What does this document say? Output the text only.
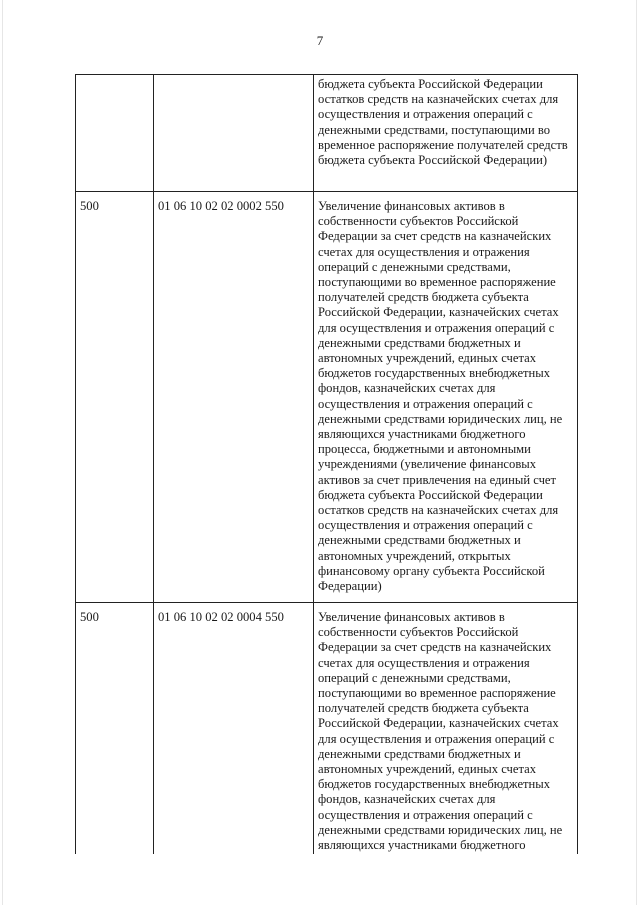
7
		бюджета субъекта Российской Федерации остатков средств на казначейских счетах для осуществления и отражения операций с денежными средствами, поступающими во временное распоряжение получателей средств бюджета субъекта Российской Федерации)
500	01 06 10 02 02 0002 550	Увеличение финансовых активов в собственности субъектов Российской Федерации за счет средств на казначейских счетах для осуществления и отражения операций с денежными средствами, поступающими во временное распоряжение получателей средств бюджета субъекта Российской Федерации, казначейских счетах для осуществления и отражения операций с денежными средствами бюджетных и автономных учреждений, единых счетах бюджетов государственных внебюджетных фондов, казначейских счетах для осуществления и отражения операций с денежными средствами юридических лиц, не являющихся участниками бюджетного процесса, бюджетными и автономными учреждениями (увеличение финансовых активов за счет привлечения на единый счет бюджета субъекта Российской Федерации остатков средств на казначейских счетах для осуществления и отражения операций с денежными средствами бюджетных и автономных учреждений, открытых финансовому органу субъекта Российской Федерации)
500	01 06 10 02 02 0004 550	Увеличение финансовых активов в собственности субъектов Российской Федерации за счет средств на казначейских счетах для осуществления и отражения операций с денежными средствами, поступающими во временное распоряжение получателей средств бюджета субъекта Российской Федерации, казначейских счетах для осуществления и отражения операций с денежными средствами бюджетных и автономных учреждений, единых счетах бюджетов государственных внебюджетных фондов, казначейских счетах для осуществления и отражения операций с денежными средствами юридических лиц, не являющихся участниками бюджетного
